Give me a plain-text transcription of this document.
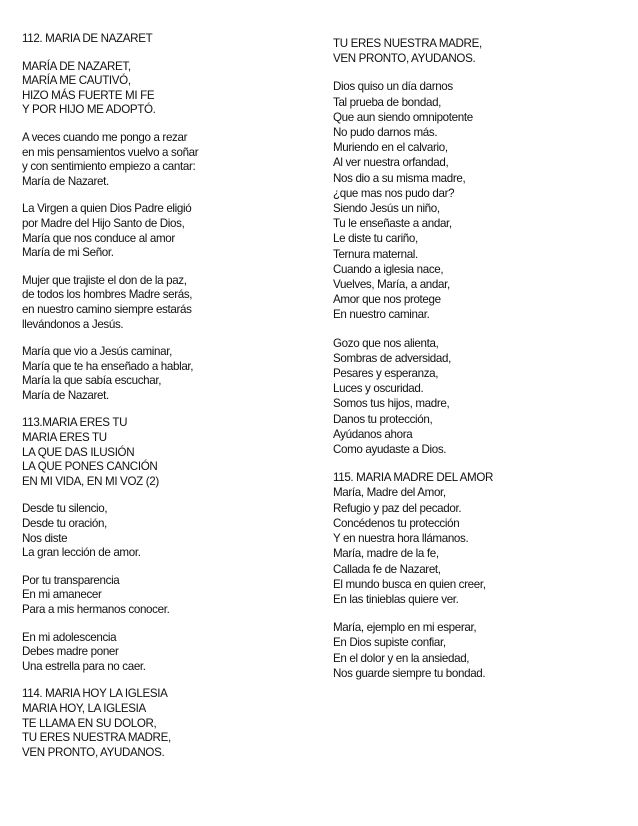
112. MARIA DE NAZARET
MARÍA DE NAZARET,
MARÍA ME CAUTIVÓ,
HIZO MÁS FUERTE MI FE
Y POR HIJO ME ADOPTÓ.
A veces cuando me pongo a rezar
en mis pensamientos vuelvo a soñar
y con sentimiento empiezo a cantar:
María de Nazaret.
La Virgen a quien Dios Padre eligió
por Madre del Hijo Santo de Dios,
María que nos conduce al amor
María de mi Señor.
Mujer que trajiste el don de la paz,
de todos los hombres Madre serás,
en nuestro camino siempre estarás
llevándonos a Jesús.
María que vio a Jesús caminar,
María que te ha enseñado a hablar,
María la que sabía escuchar,
María de Nazaret.
113.MARIA ERES TU
MARIA ERES TU
LA QUE DAS ILUSIÓN
LA QUE PONES CANCIÓN
EN MI VIDA, EN MI VOZ (2)
Desde tu silencio,
Desde tu oración,
Nos diste
La gran lección de amor.
Por tu transparencia
En mi amanecer
Para a mis hermanos conocer.
En mi adolescencia
Debes madre poner
Una estrella para no caer.
114. MARIA HOY LA IGLESIA
MARIA HOY, LA IGLESIA
TE LLAMA EN SU DOLOR,
TU ERES NUESTRA MADRE,
VEN PRONTO, AYUDANOS.
TU ERES NUESTRA MADRE,
VEN PRONTO, AYUDANOS.
Dios quiso un día darnos
Tal prueba de bondad,
Que aun siendo omnipotente
No pudo darnos más.
Muriendo en el calvario,
Al ver nuestra orfandad,
Nos dio a su misma madre,
¿que mas nos pudo dar?
Siendo Jesús un niño,
Tu le enseñaste a andar,
Le diste tu cariño,
Ternura maternal.
Cuando a iglesia nace,
Vuelves, María, a andar,
Amor que nos protege
En nuestro caminar.
Gozo que nos alienta,
Sombras de adversidad,
Pesares y esperanza,
Luces y oscuridad.
Somos tus hijos, madre,
Danos tu protección,
Ayúdanos ahora
Como ayudaste a Dios.
115. MARIA MADRE DEL AMOR
María, Madre del Amor,
Refugio y paz del pecador.
Concédenos tu protección
Y en nuestra hora llámanos.
María, madre de la fe,
Callada fe de Nazaret,
El mundo busca en quien creer,
En las tinieblas quiere ver.
María, ejemplo en mi esperar,
En Dios supiste confiar,
En el dolor y en la ansiedad,
Nos guarde siempre tu bondad.
